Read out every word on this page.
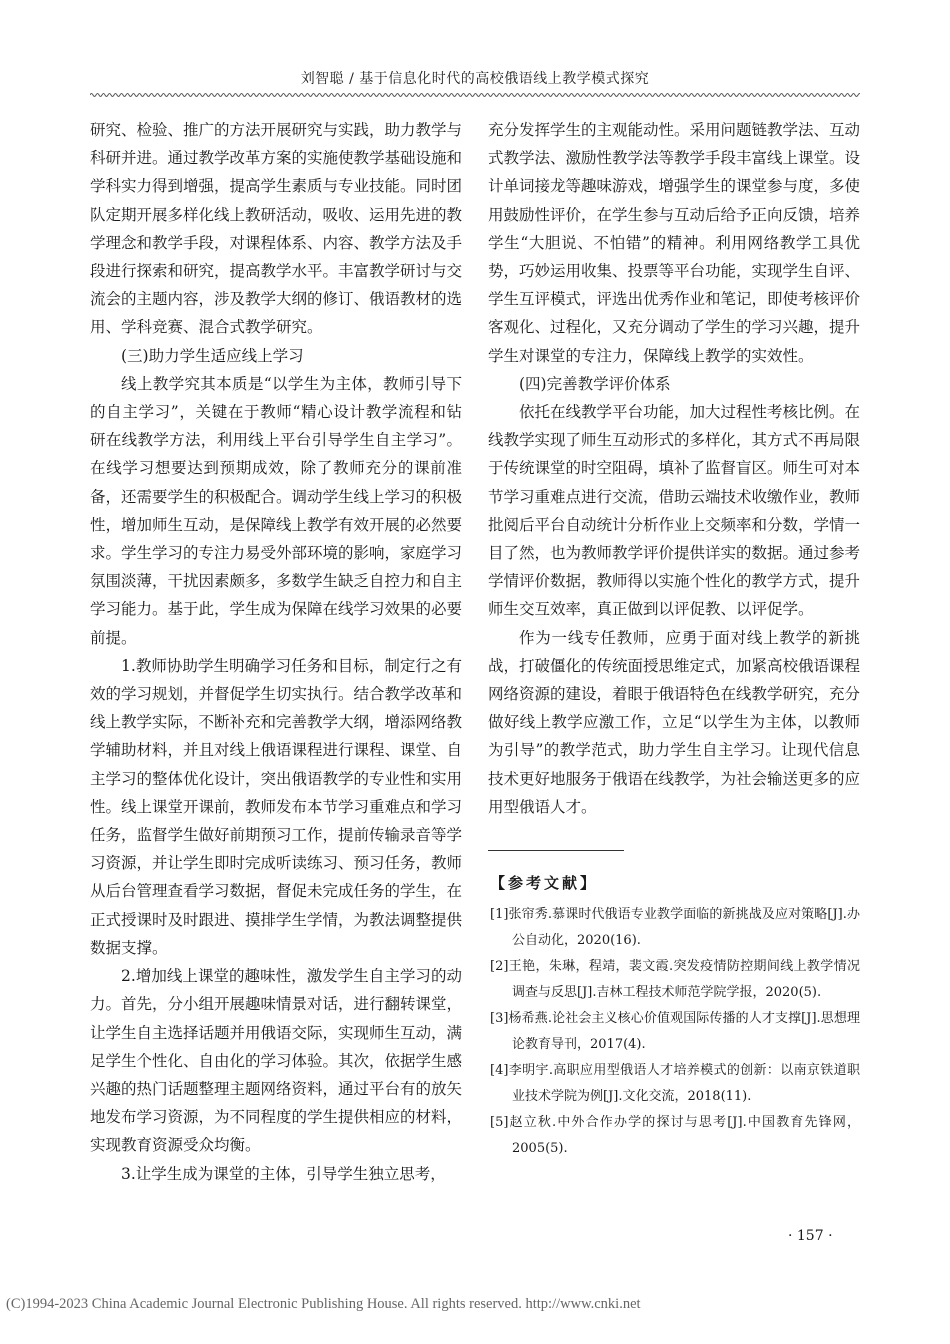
刘智聪 / 基于信息化时代的高校俄语线上教学模式探究

研究、检验、推广的方法开展研究与实践，助力教学与科研并进。通过教学改革方案的实施使教学基础设施和学科实力得到增强，提高学生素质与专业技能。同时团队定期开展多样化线上教研活动，吸收、运用先进的教学理念和教学手段，对课程体系、内容、教学方法及手段进行探索和研究，提高教学水平。丰富教学研讨与交流会的主题内容，涉及教学大纲的修订、俄语教材的选用、学科竞赛、混合式教学研究。

(三)助力学生适应线上学习

线上教学究其本质是“以学生为主体，教师引导下的自主学习”，关键在于教师“精心设计教学流程和钻研在线教学方法，利用线上平台引导学生自主学习”。在线学习想要达到预期成效，除了教师充分的课前准备，还需要学生的积极配合。调动学生线上学习的积极性，增加师生互动，是保障线上教学有效开展的必然要求。学生学习的专注力易受外部环境的影响，家庭学习氛围淡薄，干扰因素颇多，多数学生缺乏自控力和自主学习能力。基于此，学生成为保障在线学习效果的必要前提。

1.教师协助学生明确学习任务和目标，制定行之有效的学习规划，并督促学生切实执行。结合教学改革和线上教学实际，不断补充和完善教学大纲，增添网络教学辅助材料，并且对线上俄语课程进行课程、课堂、自主学习的整体优化设计，突出俄语教学的专业性和实用性。线上课堂开课前，教师发布本节学习重难点和学习任务，监督学生做好前期预习工作，提前传输录音等学习资源，并让学生即时完成听读练习、预习任务，教师从后台管理查看学习数据，督促未完成任务的学生，在正式授课时及时跟进、摸排学生学情，为教法调整提供数据支撑。

2.增加线上课堂的趣味性，激发学生自主学习的动力。首先，分小组开展趣味情景对话，进行翻转课堂，让学生自主选择话题并用俄语交际，实现师生互动，满足学生个性化、自由化的学习体验。其次，依据学生感兴趣的热门话题整理主题网络资料，通过平台有的放矢地发布学习资源，为不同程度的学生提供相应的材料，实现教育资源受众均衡。

3.让学生成为课堂的主体，引导学生独立思考，

充分发挥学生的主观能动性。采用问题链教学法、互动式教学法、激励性教学法等教学手段丰富线上课堂。设计单词接龙等趣味游戏，增强学生的课堂参与度，多使用鼓励性评价，在学生参与互动后给予正向反馈，培养学生“大胆说、不怕错”的精神。利用网络教学工具优势，巧妙运用收集、投票等平台功能，实现学生自评、学生互评模式，评选出优秀作业和笔记，即使考核评价客观化、过程化，又充分调动了学生的学习兴趣，提升学生对课堂的专注力，保障线上教学的实效性。

(四)完善教学评价体系

依托在线教学平台功能，加大过程性考核比例。在线教学实现了师生互动形式的多样化，其方式不再局限于传统课堂的时空阻碍，填补了监督盲区。师生可对本节学习重难点进行交流，借助云端技术收缴作业，教师批阅后平台自动统计分析作业上交频率和分数，学情一目了然，也为教师教学评价提供详实的数据。通过参考学情评价数据，教师得以实施个性化的教学方式，提升师生交互效率，真正做到以评促教、以评促学。

作为一线专任教师，应勇于面对线上教学的新挑战，打破僵化的传统面授思维定式，加紧高校俄语课程网络资源的建设，着眼于俄语特色在线教学研究，充分做好线上教学应激工作，立足“以学生为主体，以教师为引导”的教学范式，助力学生自主学习。让现代信息技术更好地服务于俄语在线教学，为社会输送更多的应用型俄语人才。

【参考文献】
[1]张帘秀.慕课时代俄语专业教学面临的新挑战及应对策略[J].办公自动化，2020(16).
[2]王艳，朱琳，程靖，裴文霞.突发疫情防控期间线上教学情况调查与反思[J].吉林工程技术师范学院学报，2020(5).
[3]杨希燕.论社会主义核心价值观国际传播的人才支撑[J].思想理论教育导刊，2017(4).
[4]李明宇.高职应用型俄语人才培养模式的创新：以南京铁道职业技术学院为例[J].文化交流，2018(11).
[5]赵立秋.中外合作办学的探讨与思考[J].中国教育先锋网，2005(5).
· 157 ·
(C)1994-2023 China Academic Journal Electronic Publishing House. All rights reserved. http://www.cnki.net
